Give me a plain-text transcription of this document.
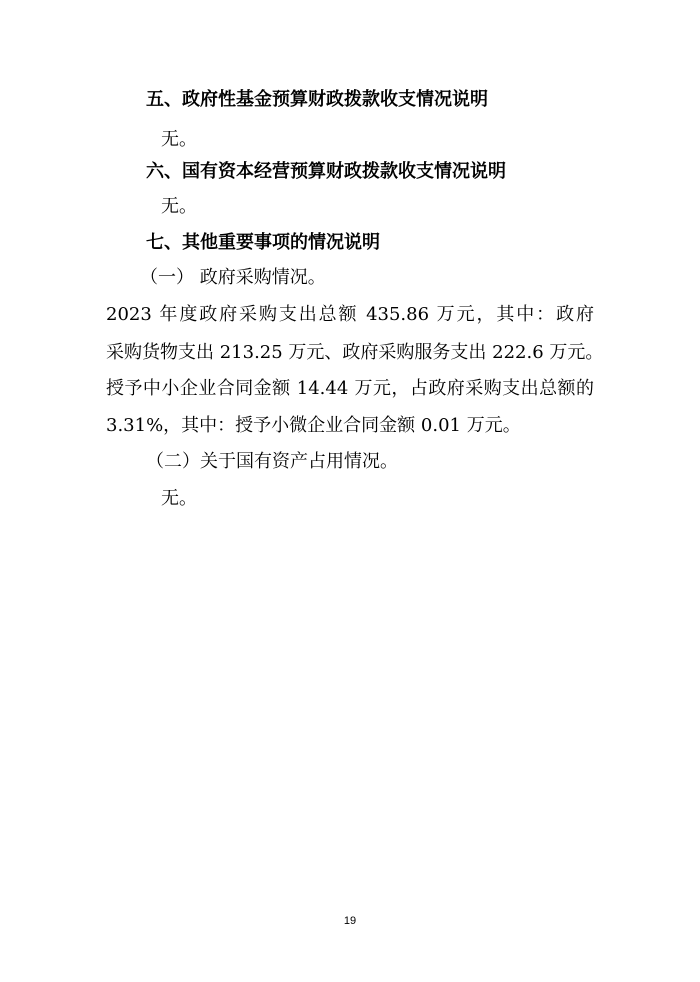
五、政府性基金预算财政拨款收支情况说明
无。
六、国有资本经营预算财政拨款收支情况说明
无。
七、其他重要事项的情况说明
（一） 政府采购情况。
2023 年度政府采购支出总额 435.86 万元，其中：政府
采购货物支出 213.25 万元、政府采购服务支出 222.6 万元。
授予中小企业合同金额 14.44 万元，占政府采购支出总额的
3.31%，其中：授予小微企业合同金额 0.01 万元。
（二）关于国有资产占用情况。
无。
19
